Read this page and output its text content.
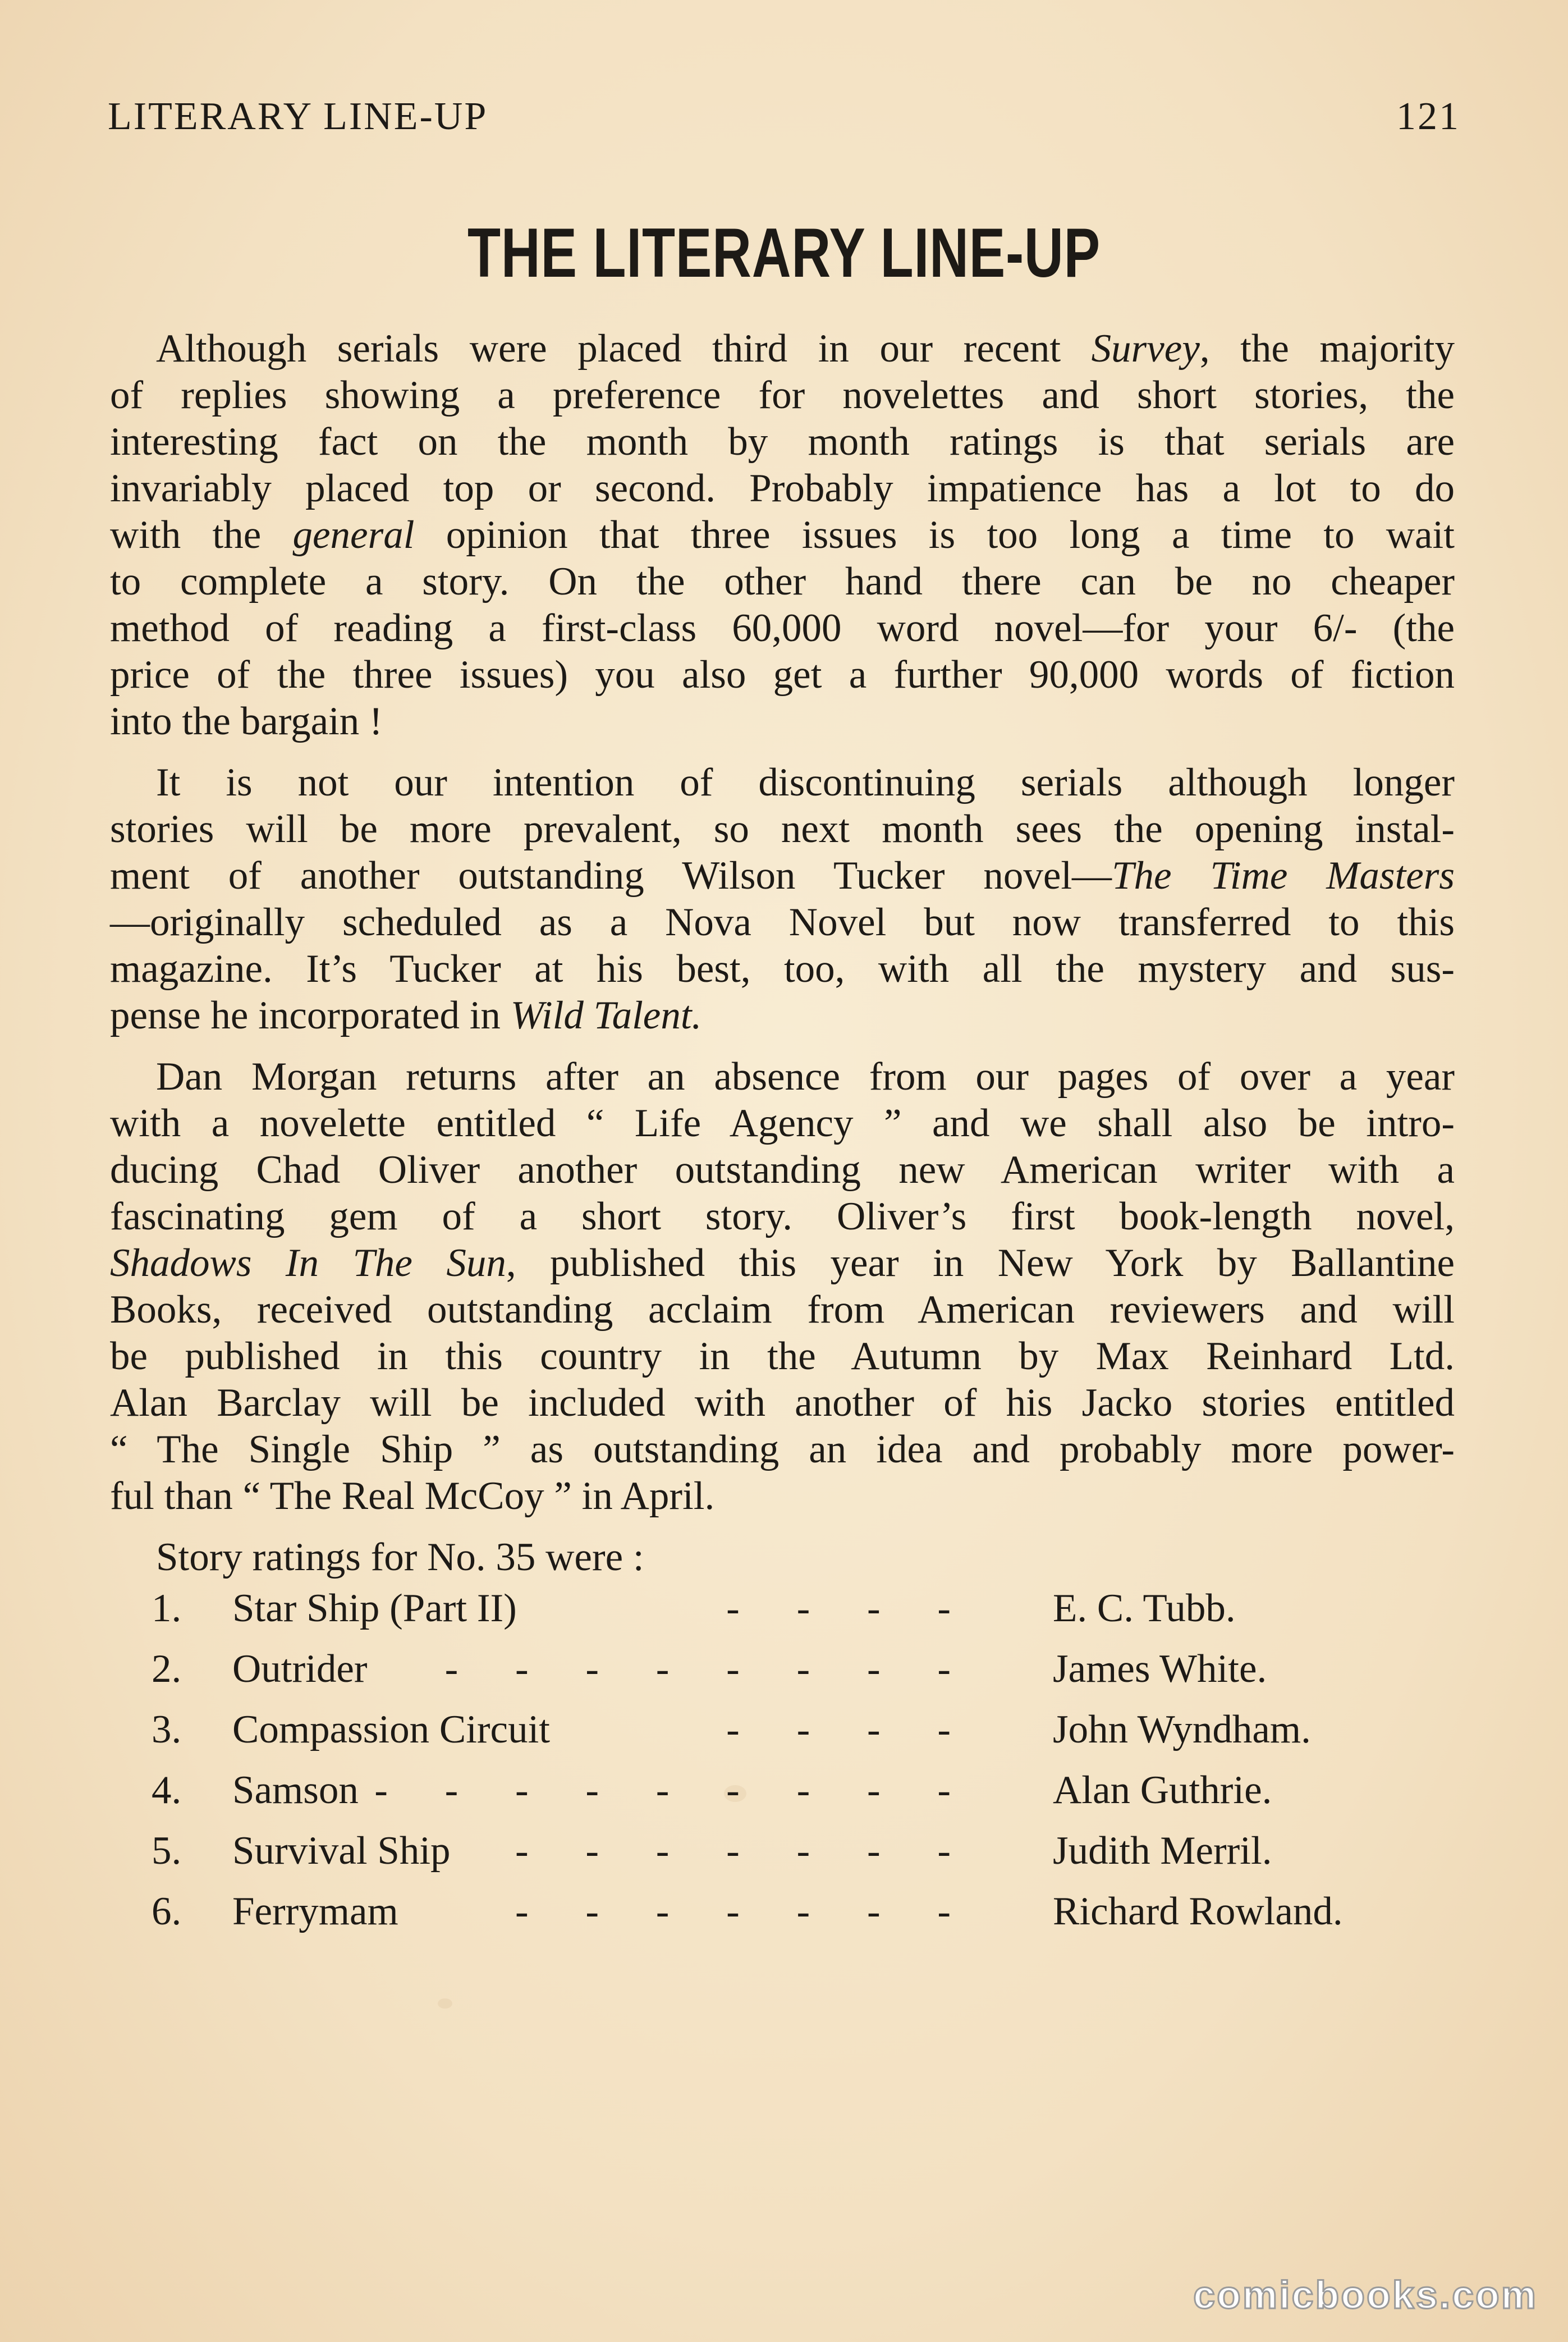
LITERARY LINE-UP	121
THE LITERARY LINE-UP
Although serials were placed third in our recent Survey, the majority
of replies showing a preference for novelettes and short stories, the
interesting fact on the month by month ratings is that serials are
invariably placed top or second. Probably impatience has a lot to do
with the general opinion that three issues is too long a time to wait
to complete a story. On the other hand there can be no cheaper
method of reading a first-class 60,000 word novel—for your 6/- (the
price of the three issues) you also get a further 90,000 words of fiction
into the bargain !
It is not our intention of discontinuing serials although longer
stories will be more prevalent, so next month sees the opening instal-
ment of another outstanding Wilson Tucker novel—The Time Masters
—originally scheduled as a Nova Novel but now transferred to this
magazine. It’s Tucker at his best, too, with all the mystery and sus-
pense he incorporated in Wild Talent.
Dan Morgan returns after an absence from our pages of over a year
with a novelette entitled “ Life Agency ” and we shall also be intro-
ducing Chad Oliver another outstanding new American writer with a
fascinating gem of a short story. Oliver’s first book-length novel,
Shadows In The Sun, published this year in New York by Ballantine
Books, received outstanding acclaim from American reviewers and will
be published in this country in the Autumn by Max Reinhard Ltd.
Alan Barclay will be included with another of his Jacko stories entitled
“ The Single Ship ” as outstanding an idea and probably more power-
ful than “ The Real McCoy ” in April.
Story ratings for No. 35 were :
1. Star Ship (Part II)	- - - - E. C. Tubb.
2. Outrider	- - - - - - - - James White.
3. Compassion Circuit	- - - - John Wyndham.
4. Samson - - - - - - - - - Alan Guthrie.
5. Survival Ship	- - - - - - - Judith Merril.
6. Ferrymam	- - - - - - - Richard Rowland.
comicbooks.com
